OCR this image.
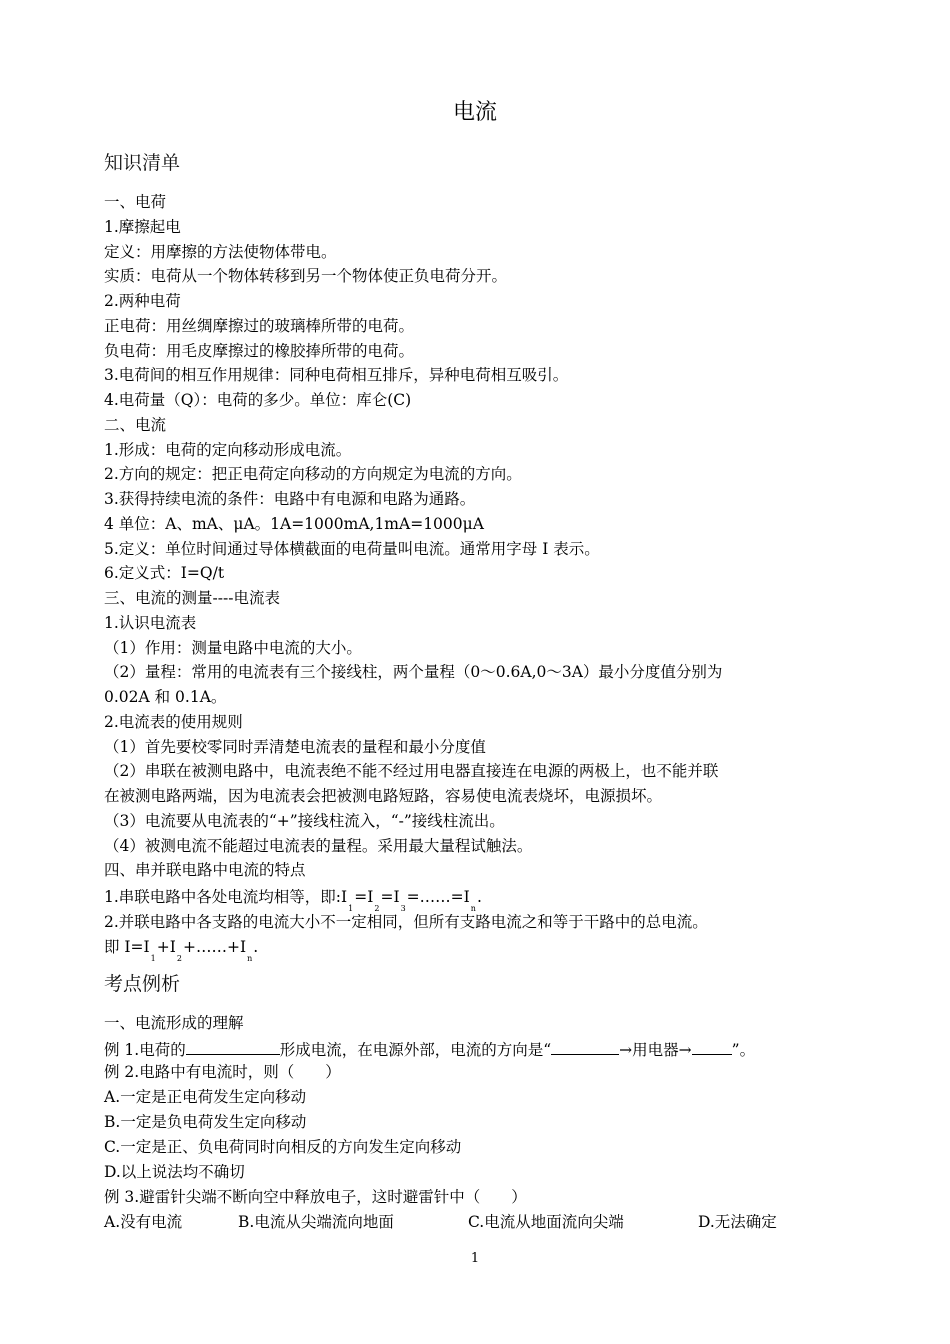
电流
知识清单
一、电荷
1.摩擦起电
定义：用摩擦的方法使物体带电。
实质：电荷从一个物体转移到另一个物体使正负电荷分开。
2.两种电荷
正电荷：用丝绸摩擦过的玻璃棒所带的电荷。
负电荷：用毛皮摩擦过的橡胶捧所带的电荷。
3.电荷间的相互作用规律：同种电荷相互排斥，异种电荷相互吸引。
4.电荷量（Q）：电荷的多少。单位：库仑(C)
二、电流
1.形成：电荷的定向移动形成电流。
2.方向的规定：把正电荷定向移动的方向规定为电流的方向。
3.获得持续电流的条件：电路中有电源和电路为通路。
4 单位：A、mA、μA。1A=1000mA,1mA=1000μA
5.定义：单位时间通过导体横截面的电荷量叫电流。通常用字母 I 表示。
6.定义式：I=Q/t
三、电流的测量----电流表
1.认识电流表
（1）作用：测量电路中电流的大小。
（2）量程：常用的电流表有三个接线柱，两个量程（0～0.6A,0～3A）最小分度值分别为
0.02A 和 0.1A。
2.电流表的使用规则
（1）首先要校零同时弄清楚电流表的量程和最小分度值
（2）串联在被测电路中，电流表绝不能不经过用电器直接连在电源的两极上，也不能并联
在被测电路两端，因为电流表会把被测电路短路，容易使电流表烧坏，电源损坏。
（3）电流要从电流表的“+”接线柱流入，“-”接线柱流出。
（4）被测电流不能超过电流表的量程。采用最大量程试触法。
四、串并联电路中电流的特点
1.串联电路中各处电流均相等，即$:I_1=I_2=I_3=\dots\dots=I_n$.
2.并联电路中各支路的电流大小不一定相同，但所有支路电流之和等于干路中的总电流。
即 $I=I_1+I_2+\dots\dots+I_n$.
考点例析
一、电流形成的理解
例 1.电荷的	形成电流，在电源外部，电流的方向是“	→用电器→	”。
例 2.电路中有电流时，则（　　）
A.一定是正电荷发生定向移动
B.一定是负电荷发生定向移动
C.一定是正、负电荷同时向相反的方向发生定向移动
D.以上说法均不确切
例 3.避雷针尖端不断向空中释放电子，这时避雷针中（　　）
A.没有电流	B.电流从尖端流向地面	C.电流从地面流向尖端	D.无法确定
1
